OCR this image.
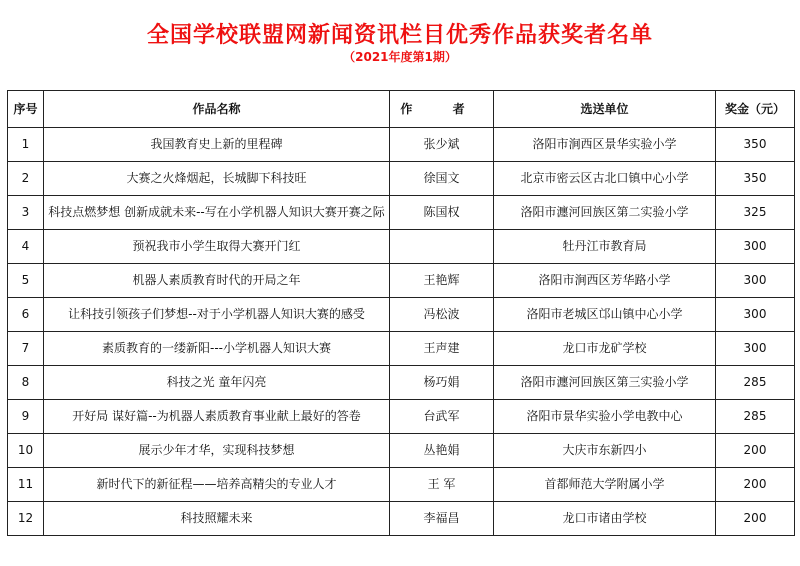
全国学校联盟网新闻资讯栏目优秀作品获奖者名单
（2021年度第1期）
序号	作品名称	作 者	选送单位	奖金（元）
1	我国教育史上新的里程碑	张少斌	洛阳市涧西区景华实验小学	350
2	大赛之火烽烟起，长城脚下科技旺	徐国文	北京市密云区古北口镇中心小学	350
3	科技点燃梦想 创新成就未来--写在小学机器人知识大赛开赛之际	陈国权	洛阳市瀍河回族区第二实验小学	325
4	预祝我市小学生取得大赛开门红		牡丹江市教育局	300
5	机器人素质教育时代的开局之年	王艳辉	洛阳市涧西区芳华路小学	300
6	让科技引领孩子们梦想--对于小学机器人知识大赛的感受	冯松波	洛阳市老城区邙山镇中心小学	300
7	素质教育的一缕新阳---小学机器人知识大赛	王声建	龙口市龙矿学校	300
8	科技之光 童年闪亮	杨巧娟	洛阳市瀍河回族区第三实验小学	285
9	开好局 谋好篇--为机器人素质教育事业献上最好的答卷	台武军	洛阳市景华实验小学电教中心	285
10	展示少年才华，实现科技梦想	丛艳娟	大庆市东新四小	200
11	新时代下的新征程——培养高精尖的专业人才	王 军	首都师范大学附属小学	200
12	科技照耀未来	李福昌	龙口市诸由学校	200
